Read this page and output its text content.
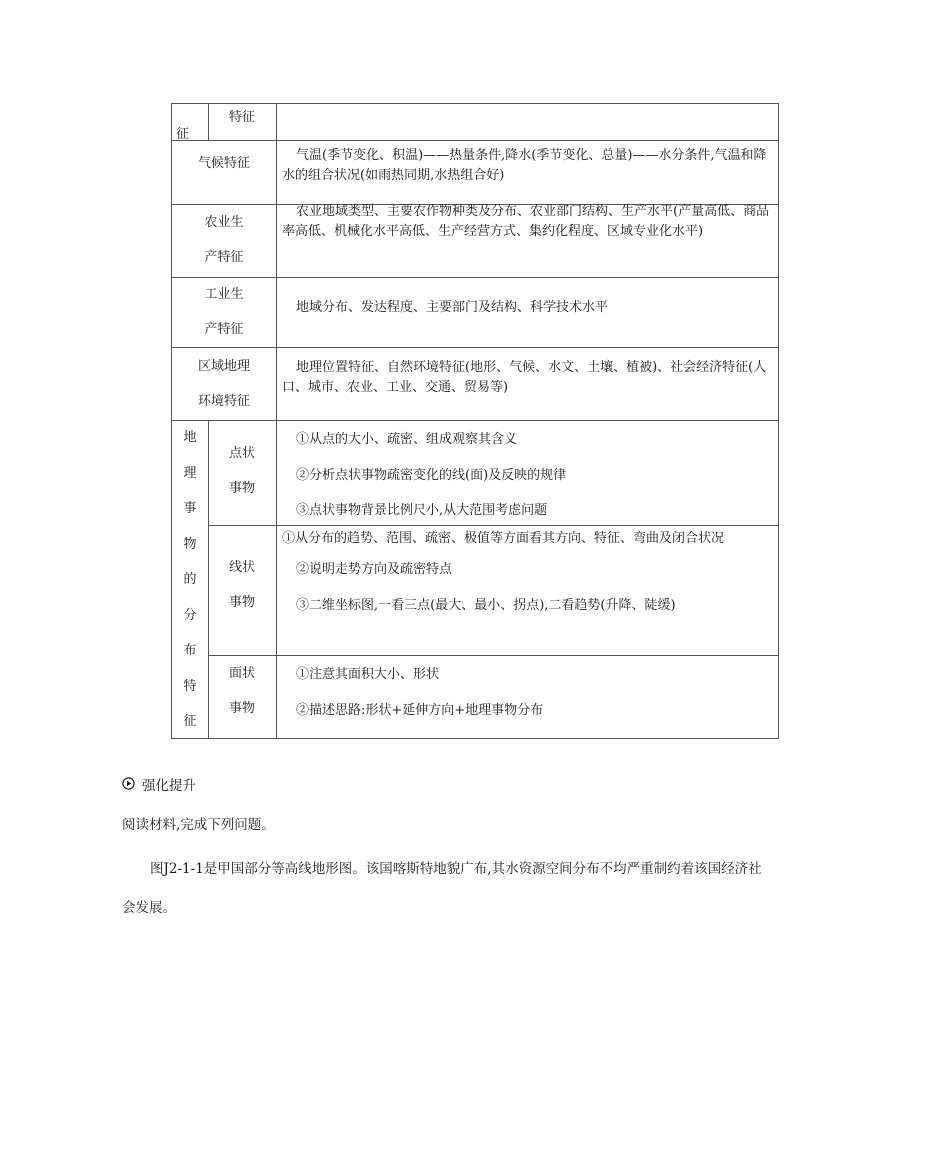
征
特征
气候特征
气温(季节变化、积温)——热量条件,降水(季节变化、总量)——水分条件,气温和降水的组合状况(如雨热同期,水热组合好)
农业生
产特征
农业地域类型、主要农作物种类及分布、农业部门结构、生产水平(产量高低、商品率高低、机械化水平高低、生产经营方式、集约化程度、区域专业化水平)
工业生
产特征
地域分布、发达程度、主要部门及结构、科学技术水平
区域地理
环境特征
地理位置特征、自然环境特征(地形、气候、水文、土壤、植被)、社会经济特征(人口、城市、农业、工业、交通、贸易等)
地
理
事
物
的
分
布
特
征
点状
事物
①从点的大小、疏密、组成观察其含义
②分析点状事物疏密变化的线(面)及反映的规律
③点状事物背景比例尺小,从大范围考虑问题
线状
事物
①从分布的趋势、范围、疏密、极值等方面看其方向、特征、弯曲及闭合状况
②说明走势方向及疏密特点
③二维坐标图,一看三点(最大、最小、拐点),二看趋势(升降、陡缓)
面状
事物
①注意其面积大小、形状
②描述思路:形状+延伸方向+地理事物分布
强化提升
阅读材料,完成下列问题。
图J2-1-1是甲国部分等高线地形图。该国喀斯特地貌广布,其水资源空间分布不均严重制约着该国经济社
会发展。
